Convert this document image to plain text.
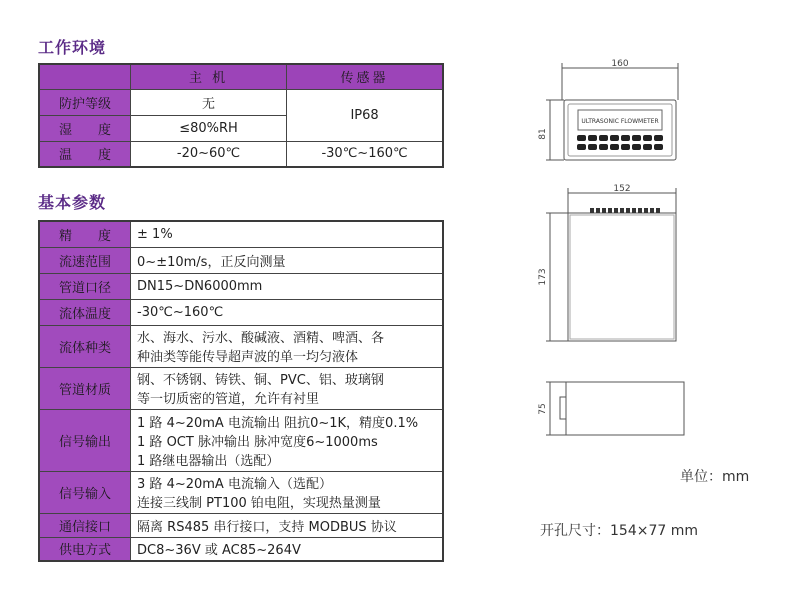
工作环境
	主 机	传感器
防护等级	无	IP68
湿　　度	≤80%RH	
温　　度	-20~60℃	-30℃~160℃
基本参数
精　　度	± 1%
流速范围	0~±10m/s，正反向测量
管道口径	DN15~DN6000mm
流体温度	-30℃~160℃
流体种类	水、海水、污水、酸碱液、酒精、啤酒、各
种油类等能传导超声波的单一均匀液体
管道材质	钢、不锈钢、铸铁、铜、PVC、铝、玻璃钢
等一切质密的管道，允许有衬里
信号输出	1 路 4~20mA 电流输出 阻抗0~1K，精度0.1%
1 路 OCT 脉冲输出 脉冲宽度6~1000ms
1 路继电器输出（选配）
信号输入	3 路 4~20mA 电流输入（选配）
连接三线制 PT100 铂电阻，实现热量测量
通信接口	隔离 RS485 串行接口，支持 MODBUS 协议
供电方式	DC8~36V 或 AC85~264V
160
81
ULTRASONIC FLOWMETER
152
173
75
单位：mm
开孔尺寸：154×77 mm
